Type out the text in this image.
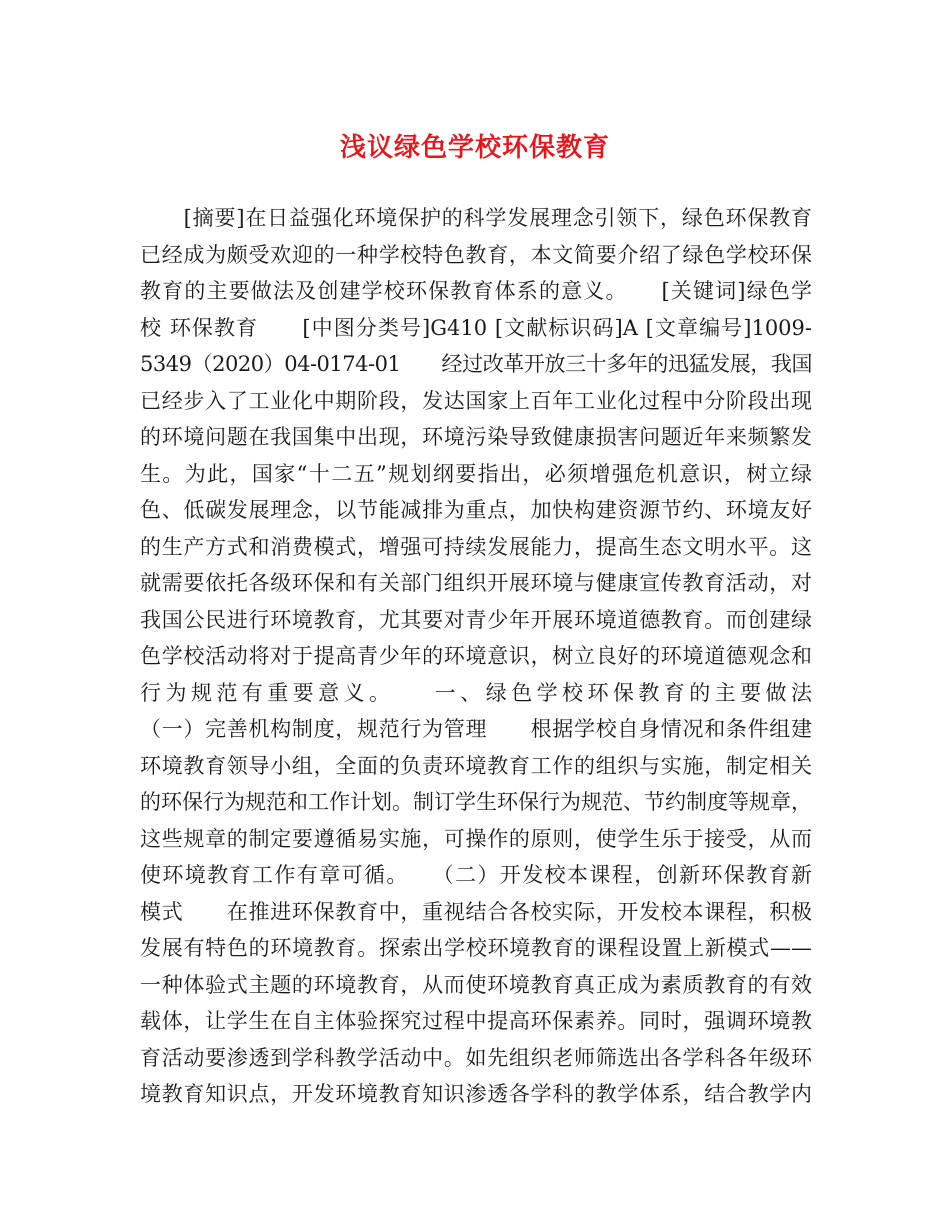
浅议绿色学校环保教育
　　[摘要]在日益强化环境保护的科学发展理念引领下，绿色环保教育
已经成为颇受欢迎的一种学校特色教育，本文简要介绍了绿色学校环保
教育的主要做法及创建学校环保教育体系的意义。　　[关键词]绿色学
校 环保教育　　[中图分类号]G410 [文献标识码]A [文章编号]1009-
5349（2020）04-0174-01　　经过改革开放三十多年的迅猛发展，我国
已经步入了工业化中期阶段，发达国家上百年工业化过程中分阶段出现
的环境问题在我国集中出现，环境污染导致健康损害问题近年来频繁发
生。为此，国家“十二五”规划纲要指出，必须增强危机意识，树立绿
色、低碳发展理念，以节能减排为重点，加快构建资源节约、环境友好
的生产方式和消费模式，增强可持续发展能力，提高生态文明水平。这
就需要依托各级环保和有关部门组织开展环境与健康宣传教育活动，对
我国公民进行环境教育，尤其要对青少年开展环境道德教育。而创建绿
色学校活动将对于提高青少年的环境意识，树立良好的环境道德观念和
行为规范有重要意义。　　一、绿色学校环保教育的主要做法
（一）完善机构制度，规范行为管理　　根据学校自身情况和条件组建
环境教育领导小组，全面的负责环境教育工作的组织与实施，制定相关
的环保行为规范和工作计划。制订学生环保行为规范、节约制度等规章，
这些规章的制定要遵循易实施，可操作的原则，使学生乐于接受，从而
使环境教育工作有章可循。　　（二）开发校本课程，创新环保教育新
模式　　在推进环保教育中，重视结合各校实际，开发校本课程，积极
发展有特色的环境教育。探索出学校环境教育的课程设置上新模式——
一种体验式主题的环境教育，从而使环境教育真正成为素质教育的有效
载体，让学生在自主体验探究过程中提高环保素养。同时，强调环境教
育活动要渗透到学科教学活动中。如先组织老师筛选出各学科各年级环
境教育知识点，开发环境教育知识渗透各学科的教学体系，结合教学内
